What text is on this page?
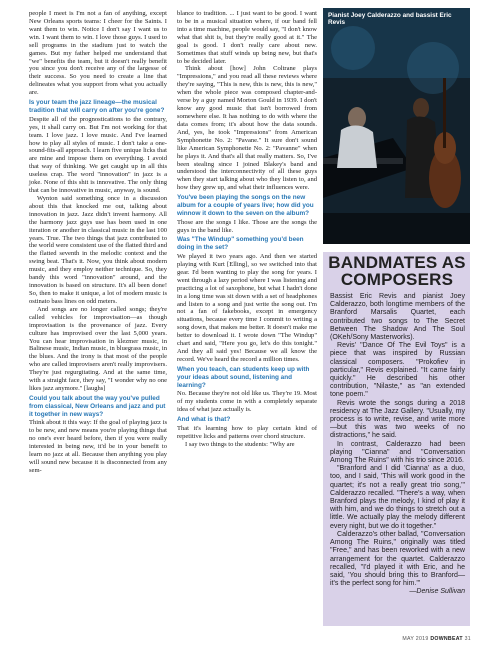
people I meet is I'm not a fan of anything, except New Orleans sports teams: I cheer for the Saints. I want them to win. Notice I don't say I want us to win. I want them to win. I love those guys. I used to sell programs in the stadium just to watch the games. But my father helped me understand that "we" benefits the team, but it doesn't really benefit you since you don't receive any of the largesse of their success. So you need to create a line that delineates what you support from what you actually are.

Is your team the jazz lineage—the musical tradition that will carry on after you're gone?

Despite all of the prognostications to the contrary, yes, it shall carry on. But I'm not working for that team. I love jazz. I love music. And I've learned how to play all styles of music. I don't take a one-sound-fits-all approach. I learn five unique licks that are mine and impose them on everything. I avoid that way of thinking. We get caught up in all this useless crap. The word "innovation" in jazz is a joke. None of this shit is innovative. The only thing that can be innovative in music, anyway, is sound.

Wynton said something once in a discussion about this that knocked me out, talking about innovation in jazz. Jazz didn't invent harmony. All the harmony jazz guys use has been used in one iteration or another in classical music in the last 100 years. True. The two things that jazz contributed to the world were consistent use of the flatted third and the flatted seventh in the melodic context and the swing beat. That's it. Now, you think about modern music, and they employ neither technique. So, they bandy this word "innovation" around, and the innovation is based on structure. It's all been done! So, then to make it unique, a lot of modern music is ostinato bass lines on odd meters.

And songs are no longer called songs; they're called vehicles for improvisation—as though improvisation is the provenance of jazz. Every culture has improvised over the last 5,000 years. You can hear improvisation in klezmer music, in Balinese music, Indian music, in bluegrass music, in the blues. And the irony is that most of the people who are called improvisers aren't really improvisers. They're just regurgitating. And at the same time, with a straight face, they say, "I wonder why no one likes jazz anymore." [laughs]

Could you talk about the way you've pulled from classical, New Orleans and jazz and put it together in new ways?

Think about it this way: If the goal of playing jazz is to be new, and new means you're playing things that no one's ever heard before, then if you were really interested in being new, it'd be in your benefit to learn no jazz at all. Because then anything you play will sound new because it is disconnected from any sem-

blance to tradition. ... I just want to be good. I want to be in a musical situation where, if our band fell into a time machine, people would say, "I don't know what that shit is, but they're really good at it." The goal is good. I don't really care about new. Sometimes that stuff winds up being new, but that's to be decided later.

Think about [how] John Coltrane plays "Impressions," and you read all these reviews where they're saying, "This is new, this is new, this is new," when the whole piece was composed chapter-and-verse by a guy named Morton Gould in 1939. I don't know any good music that isn't borrowed from somewhere else. It has nothing to do with where the data comes from; it's about how the data sounds. And, yes, he took "Impressions" from American Symphonette No. 2: "Pavane." It sure don't sound like American Symphonette No. 2: "Pavanne" when he plays it. And that's all that really matters. So, I've been stealing since I joined Blakey's band and understood the interconnectivity of all these guys when they start talking about who they listen to, and how they grew up, and what their influences were.

You've been playing the songs on the new album for a couple of years live; how did you winnow it down to the seven on the album?

Those are the songs I like. Those are the songs the guys in the band like.

Was "The Windup" something you'd been doing in the set?

We played it two years ago. And then we started playing with Kurt [Elling], so we switched into that gear. I'd been wanting to play the song for years. I went through a lazy period where I was listening and practicing a lot of saxophone, but what I hadn't done in a long time was sit down with a set of headphones and listen to a song and just write the song out. I'm not a fan of fakebooks, except in emergency situations, because every time I commit to writing a song down, that makes me better. It doesn't make me better to download it. I wrote down "The Windup" chart and said, "Here you go, let's do this tonight." And they all said yes! Because we all know the record. We've heard the record a million times.

When you teach, can students keep up with your ideas about sound, listening and learning?

No. Because they're not old like us. They're 19. Most of my students come in with a completely separate idea of what jazz actually is.

And what is that?

That it's learning how to play certain kind of repetitive licks and patterns over chord structure.

I say two things to the students: "Why are

Pianist Joey Calderazzo and bassist Eric Revis
BANDMATES AS COMPOSERS

Bassist Eric Revis and pianist Joey Calderazzo, both longtime members of the Branford Marsalis Quartet, each contributed two songs to The Secret Between The Shadow And The Soul (OKeh/Sony Masterworks).

Revis' "Dance Of The Evil Toys" is a piece that was inspired by Russian classical composers. "Prokofiev in particular," Revis explained. "It came fairly quickly." He described his other contribution, "Nilaste," as "an extended tone poem."

Revis wrote the songs during a 2018 residency at The Jazz Gallery. "Usually, my process is to write, revise, and write more—but this was two weeks of no distractions," he said.

In contrast, Calderazzo had been playing "Cianna" and "Conversation Among The Ruins" with his trio since 2016.

"Branford and I did 'Cianna' as a duo, too, and I said, 'This will work good in the quartet; it's not a really great trio song,'" Calderazzo recalled. "There's a way, when Branford plays the melody, I kind of play it with him, and we do things to stretch out a little. We actually play the melody different every night, but we do it together."

Calderazzo's other ballad, "Conversation Among The Ruins," originally was titled "Free," and has been reworked with a new arrangement for the quartet. Calderazzo recalled, "I'd played it with Eric, and he said, 'You should bring this to Branford—it's the perfect song for him.'"

—Denise Sullivan
MAY 2019 DOWNBEAT 31
